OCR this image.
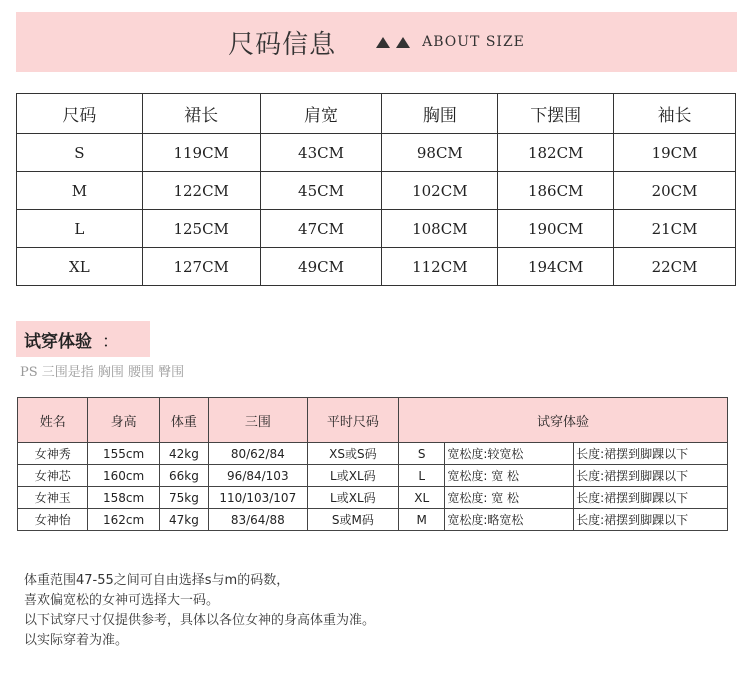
尺码信息	ABOUT SIZE
尺码	裙长	肩宽	胸围	下摆围	袖长
S	119CM	43CM	98CM	182CM	19CM
M	122CM	45CM	102CM	186CM	20CM
L	125CM	47CM	108CM	190CM	21CM
XL	127CM	49CM	112CM	194CM	22CM
试穿体验 ：
PS 三围是指 胸围 腰围 臀围
姓名	身高	体重	三围	平时尺码	试穿体验		
女神秀	155cm	42kg	80/62/84	XS或S码	S	宽松度:较宽松	长度:裙摆到脚踝以下
女神芯	160cm	66kg	96/84/103	L或XL码	L	宽松度: 宽 松	长度:裙摆到脚踝以下
女神玉	158cm	75kg	110/103/107	L或XL码	XL	宽松度: 宽 松	长度:裙摆到脚踝以下
女神怡	162cm	47kg	83/64/88	S或M码	M	宽松度:略宽松	长度:裙摆到脚踝以下
体重范围47-55之间可自由选择s与m的码数，
喜欢偏宽松的女神可选择大一码。
以下试穿尺寸仅提供参考，具体以各位女神的身高体重为准。
以实际穿着为准。
